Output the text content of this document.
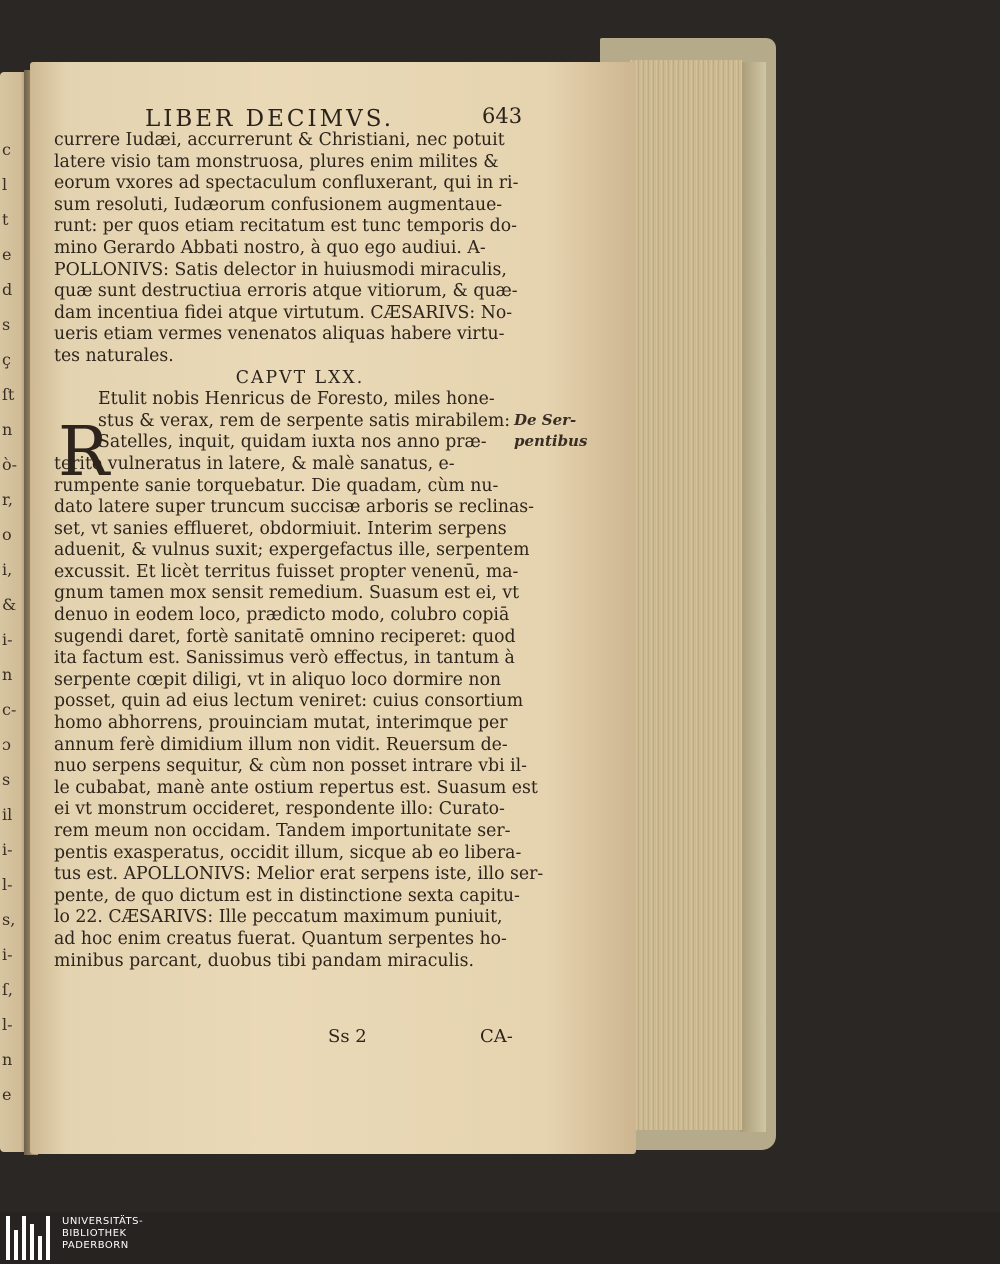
c
l
t
e
d
s
ç
ſt
n
ò-
r,
o
i,
&
i-
n
c-
ɔ
s
il
i-
l-
s,
i-
ſ,
l-
n
e
LIBER DECIMVS.	643
currere Iudæi, accurrerunt & Christiani, nec potuit
latere visio tam monstruosa, plures enim milites &
eorum vxores ad spectaculum confluxerant, qui in ri-
sum resoluti, Iudæorum confusionem augmentaue-
runt: per quos etiam recitatum est tunc temporis do-
mino Gerardo Abbati nostro, à quo ego audiui. A-
POLLONIVS: Satis delector in huiusmodi miraculis,
quæ sunt destructiua erroris atque vitiorum, & quæ-
dam incentiua fidei atque virtutum. CÆSARIVS: No-
ueris etiam vermes venenatos aliquas habere virtu-
tes naturales.
CAPVT LXX.
Etulit nobis Henricus de Foresto, miles hone-
stus & verax, rem de serpente satis mirabilem:
Satelles, inquit, quidam iuxta nos anno præ-
terito vulneratus in latere, & malè sanatus, e-
rumpente sanie torquebatur. Die quadam, cùm nu-
dato latere super truncum succisæ arboris se reclinas-
set, vt sanies efflueret, obdormiuit. Interim serpens
aduenit, & vulnus suxit; expergefactus ille, serpentem
excussit. Et licèt territus fuisset propter venenū, ma-
gnum tamen mox sensit remedium. Suasum est ei, vt
denuo in eodem loco, prædicto modo, colubro copiā
sugendi daret, fortè sanitatē omnino reciperet: quod
ita factum est. Sanissimus verò effectus, in tantum à
serpente cœpit diligi, vt in aliquo loco dormire non
posset, quin ad eius lectum veniret: cuius consortium
homo abhorrens, prouinciam mutat, interimque per
annum ferè dimidium illum non vidit. Reuersum de-
nuo serpens sequitur, & cùm non posset intrare vbi il-
le cubabat, manè ante ostium repertus est. Suasum est
ei vt monstrum occideret, respondente illo: Curato-
rem meum non occidam. Tandem importunitate ser-
pentis exasperatus, occidit illum, sicque ab eo libera-
tus est. APOLLONIVS: Melior erat serpens iste, illo ser-
pente, de quo dictum est in distinctione sexta capitu-
lo 22. CÆSARIVS: Ille peccatum maximum puniuit,
ad hoc enim creatus fuerat. Quantum serpentes ho-
minibus parcant, duobus tibi pandam miraculis.
R	De Ser-
pentibus
Ss 2	CA-
UNIVERSITÄTS-
BIBLIOTHEK
PADERBORN
